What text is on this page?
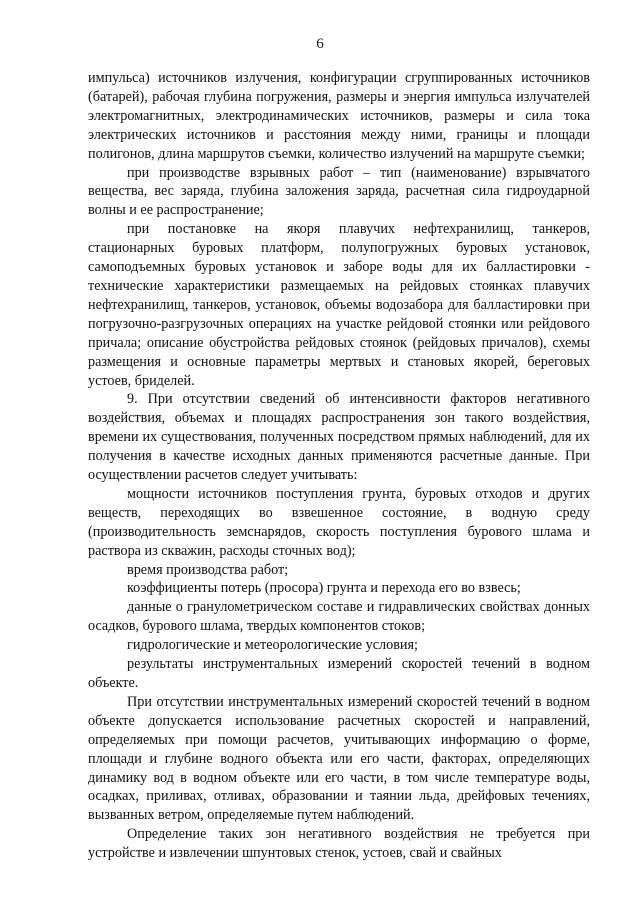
6

импульса) источников излучения, конфигурации сгруппированных источников (батарей), рабочая глубина погружения, размеры и энергия импульса излучателей электромагнитных, электродинамических источников, размеры и сила тока электрических источников и расстояния между ними, границы и площади полигонов, длина маршрутов съемки, количество излучений на маршруте съемки;

при производстве взрывных работ – тип (наименование) взрывчатого вещества, вес заряда, глубина заложения заряда, расчетная сила гидроударной волны и ее распространение;

при постановке на якоря плавучих нефтехранилищ, танкеров, стационарных буровых платформ, полупогружных буровых установок, самоподъемных буровых установок и заборе воды для их балластировки - технические характеристики размещаемых на рейдовых стоянках плавучих нефтехранилищ, танкеров, установок, объемы водозабора для балластировки при погрузочно-разгрузочных операциях на участке рейдовой стоянки или рейдового причала; описание обустройства рейдовых стоянок (рейдовых причалов), схемы размещения и основные параметры мертвых и становых якорей, береговых устоев, бриделей.

9. При отсутствии сведений об интенсивности факторов негативного воздействия, объемах и площадях распространения зон такого воздействия, времени их существования, полученных посредством прямых наблюдений, для их получения в качестве исходных данных применяются расчетные данные. При осуществлении расчетов следует учитывать:

мощности источников поступления грунта, буровых отходов и других веществ, переходящих во взвешенное состояние, в водную среду (производительность земснарядов, скорость поступления бурового шлама и раствора из скважин, расходы сточных вод);

время производства работ;

коэффициенты потерь (просора) грунта и перехода его во взвесь;

данные о гранулометрическом составе и гидравлических свойствах донных осадков, бурового шлама, твердых компонентов стоков;

гидрологические и метеорологические условия;

результаты инструментальных измерений скоростей течений в водном объекте.

При отсутствии инструментальных измерений скоростей течений в водном объекте допускается использование расчетных скоростей и направлений, определяемых при помощи расчетов, учитывающих информацию о форме, площади и глубине водного объекта или его части, факторах, определяющих динамику вод в водном объекте или его части, в том числе температуре воды, осадках, приливах, отливах, образовании и таянии льда, дрейфовых течениях, вызванных ветром, определяемые путем наблюдений.

Определение таких зон негативного воздействия не требуется при устройстве и извлечении шпунтовых стенок, устоев, свай и свайных
